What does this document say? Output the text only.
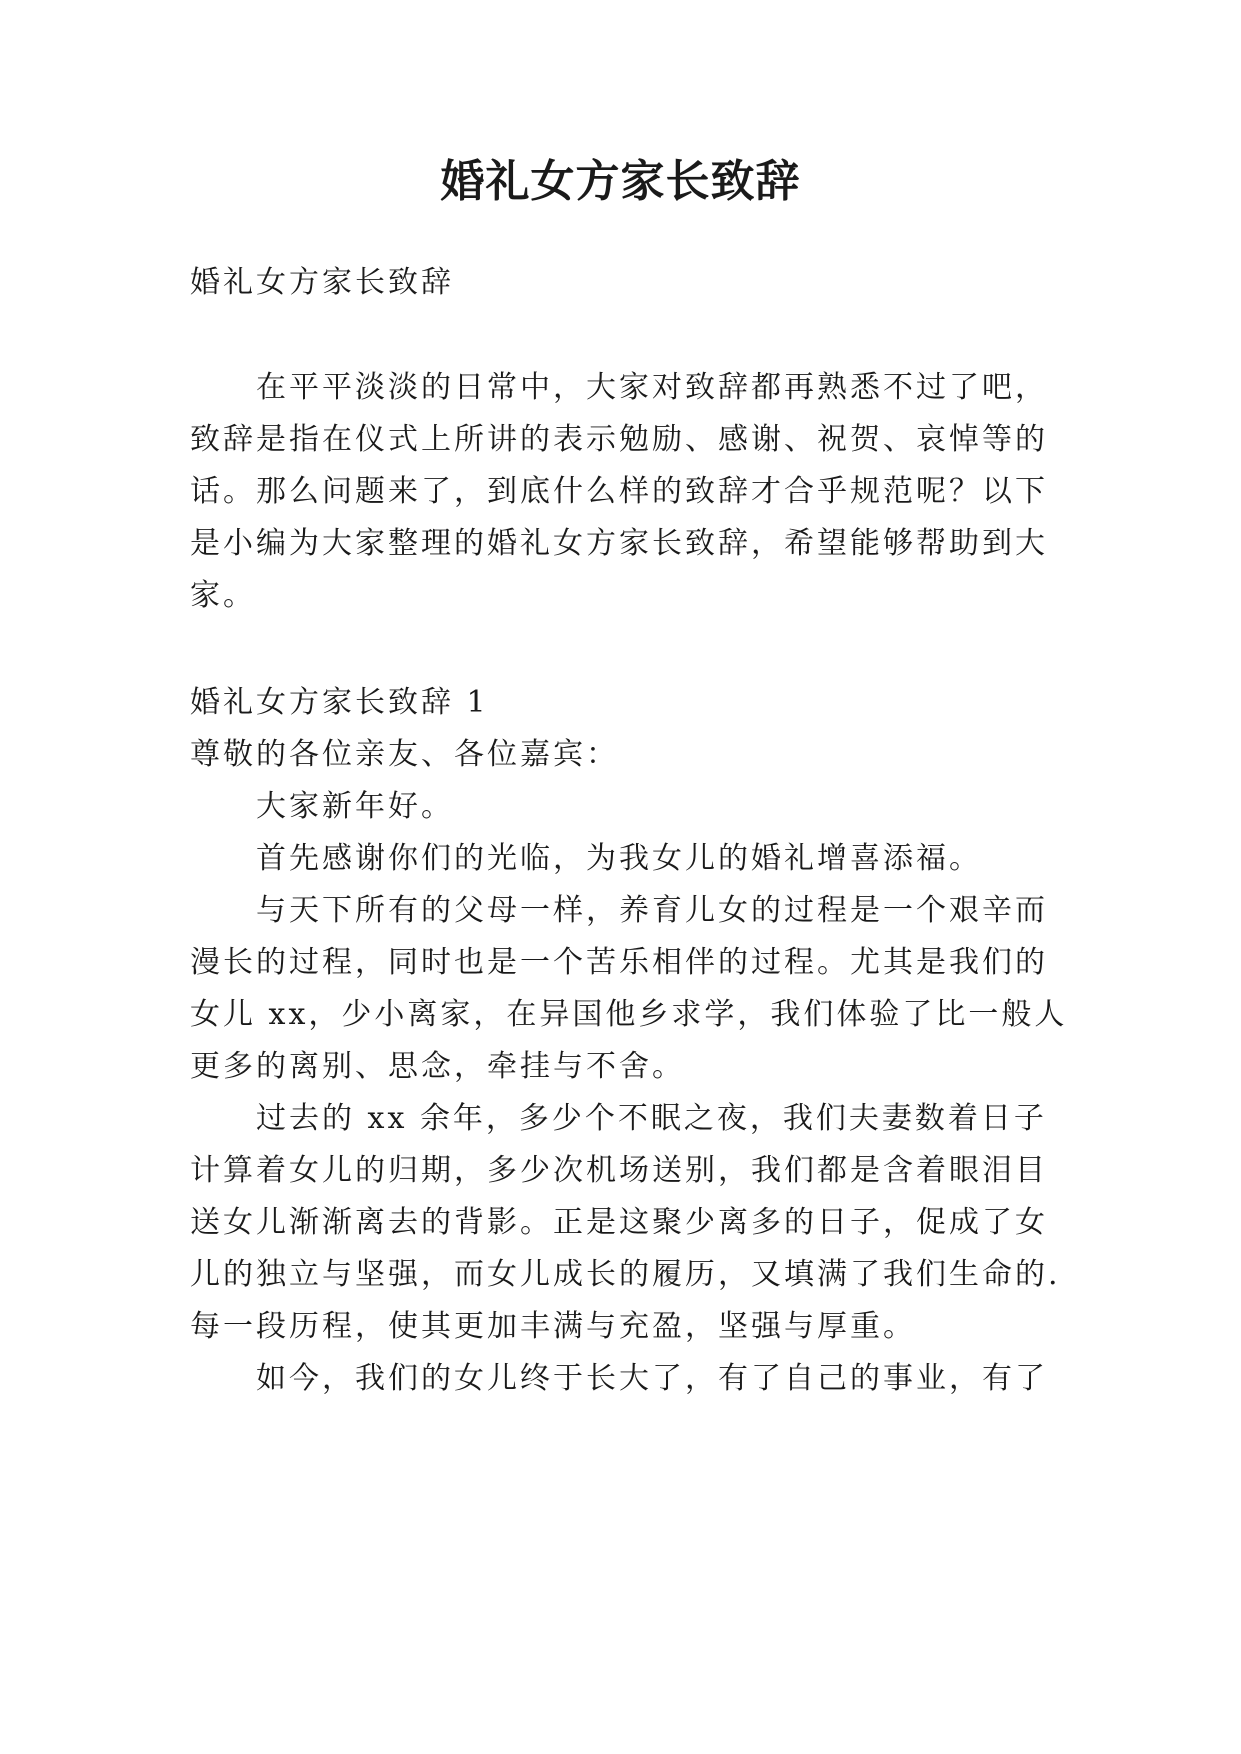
婚礼女方家长致辞

婚礼女方家长致辞

在平平淡淡的日常中，大家对致辞都再熟悉不过了吧，

致辞是指在仪式上所讲的表示勉励、感谢、祝贺、哀悼等的

话。那么问题来了，到底什么样的致辞才合乎规范呢？以下

是小编为大家整理的婚礼女方家长致辞，希望能够帮助到大

家。

婚礼女方家长致辞 1

尊敬的各位亲友、各位嘉宾：

大家新年好。

首先感谢你们的光临，为我女儿的婚礼增喜添福。

与天下所有的父母一样，养育儿女的过程是一个艰辛而

漫长的过程，同时也是一个苦乐相伴的过程。尤其是我们的

女儿 xx，少小离家，在异国他乡求学，我们体验了比一般人

更多的离别、思念，牵挂与不舍。

过去的 xx 余年，多少个不眠之夜，我们夫妻数着日子

计算着女儿的归期，多少次机场送别，我们都是含着眼泪目

送女儿渐渐离去的背影。正是这聚少离多的日子，促成了女

儿的独立与坚强，而女儿成长的履历，又填满了我们生命的.

每一段历程，使其更加丰满与充盈，坚强与厚重。

如今，我们的女儿终于长大了，有了自己的事业，有了
